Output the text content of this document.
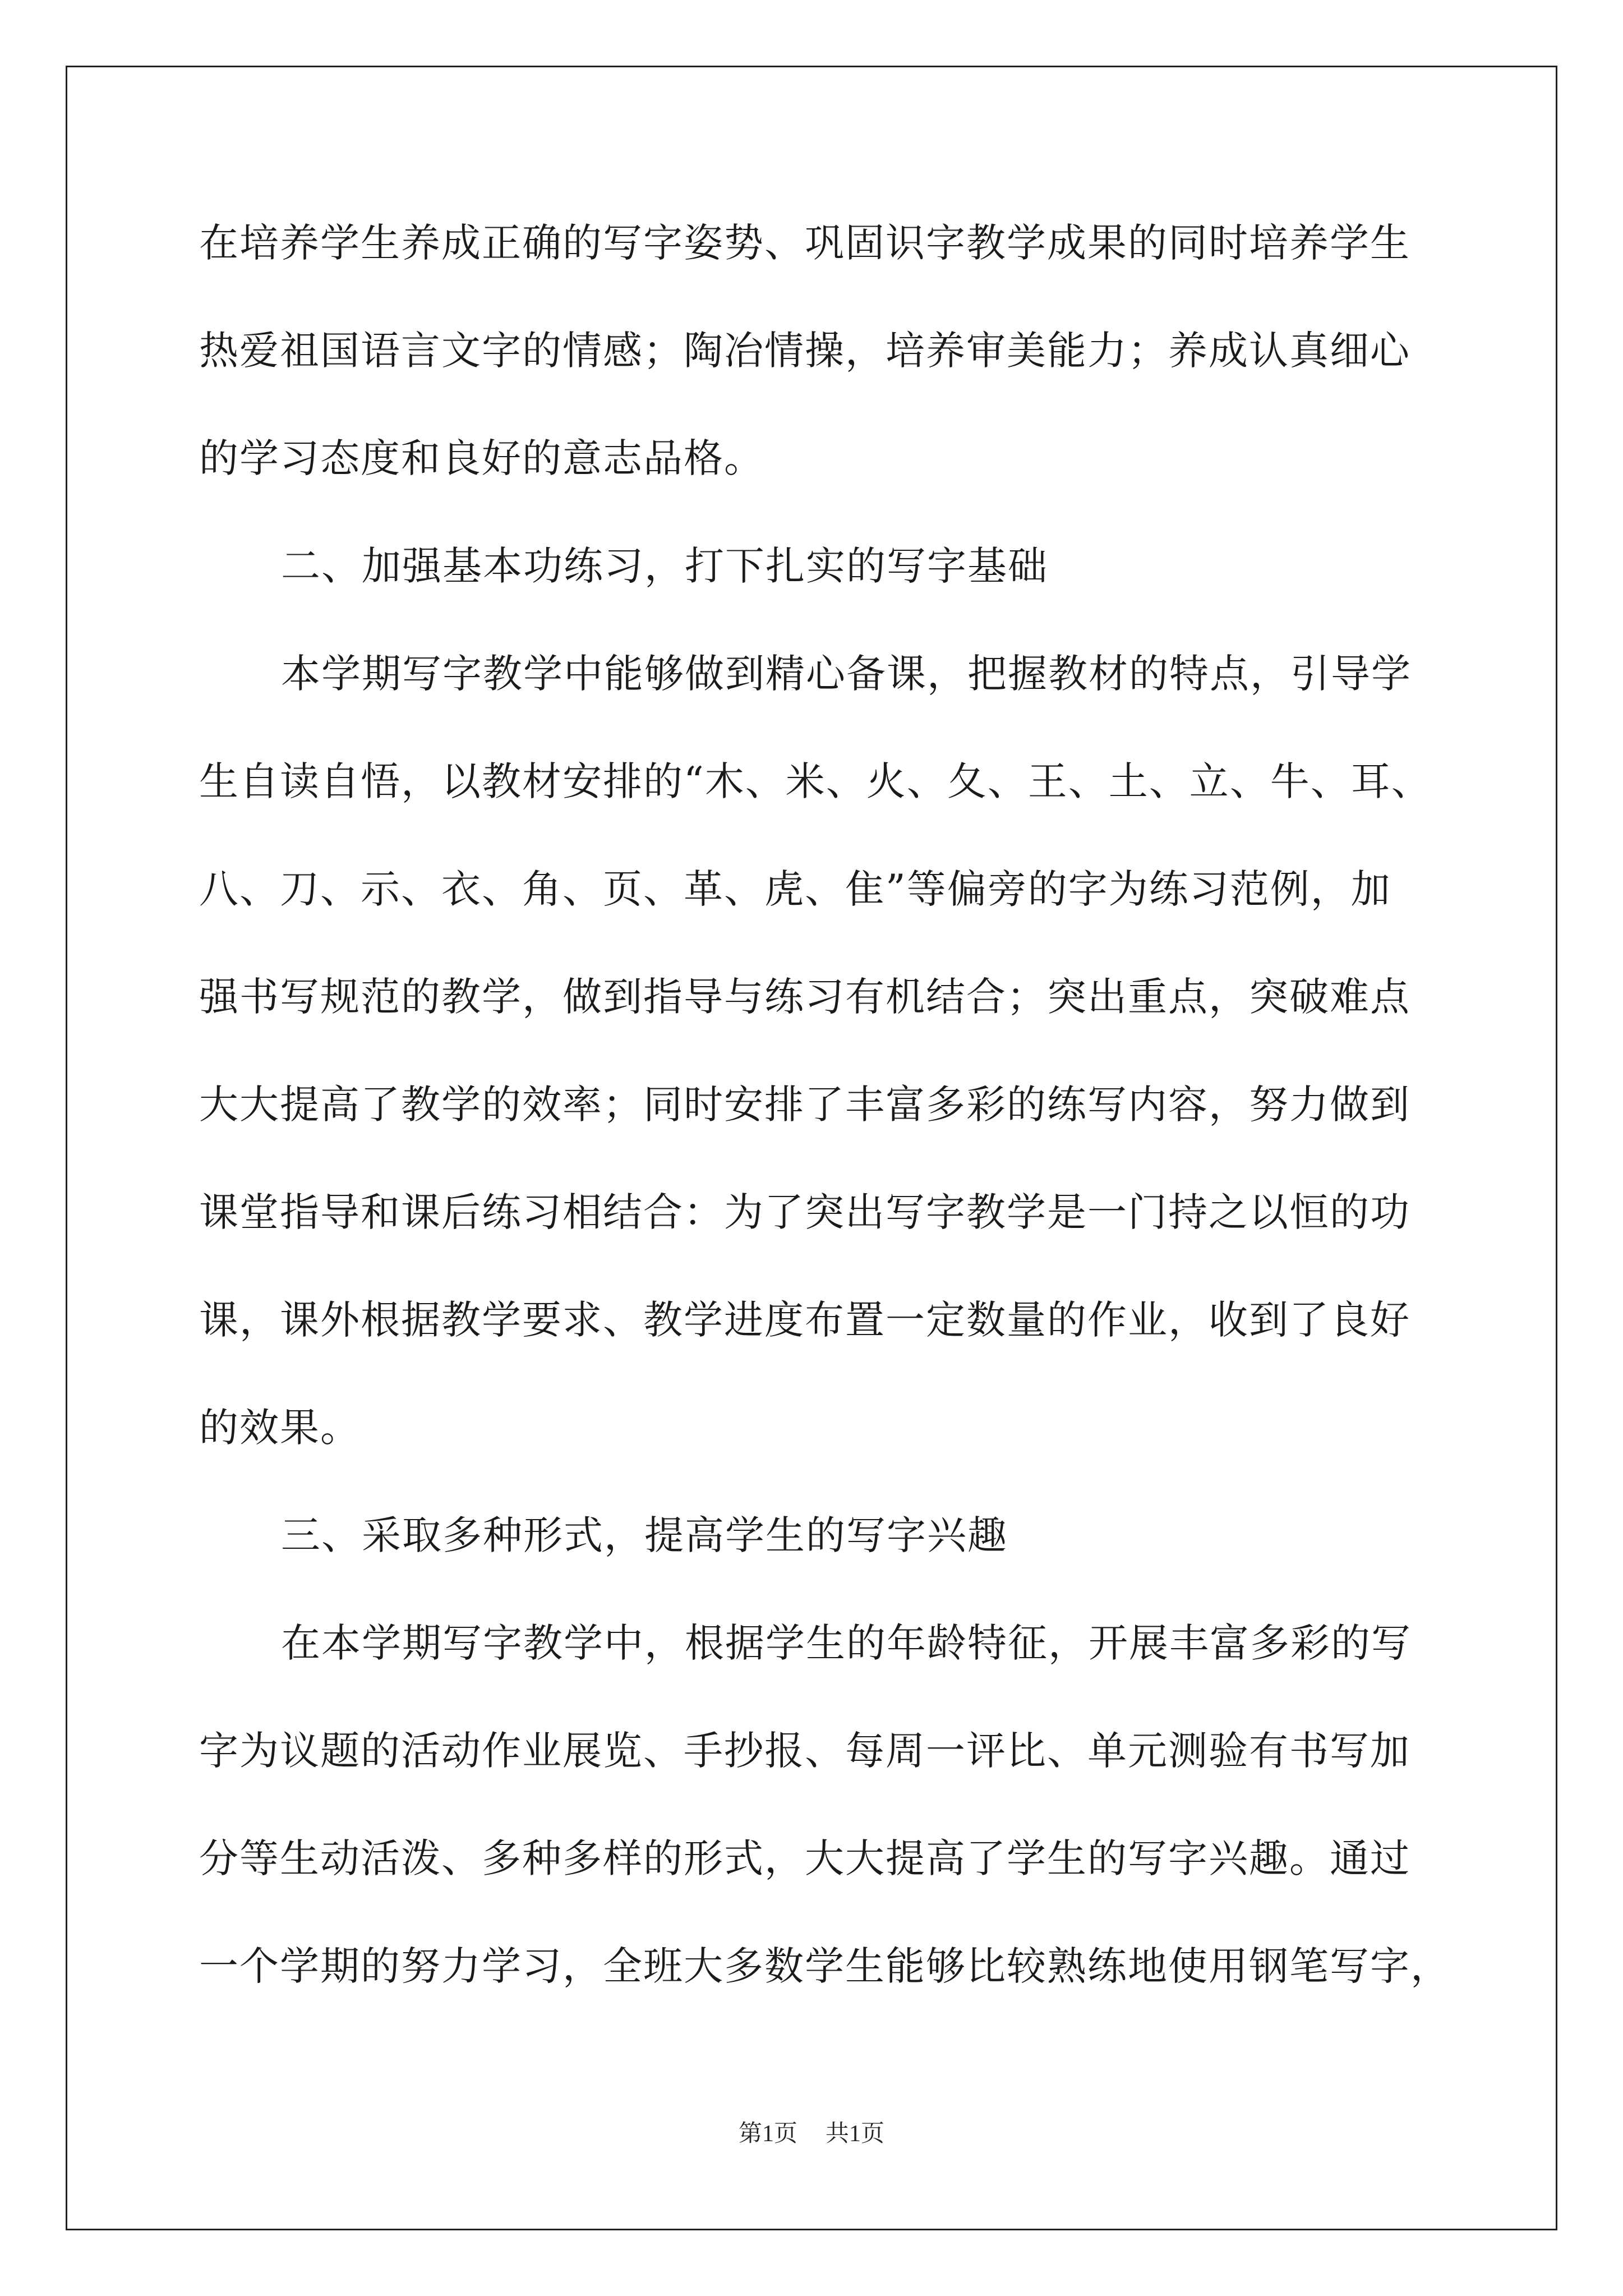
在培养学生养成正确的写字姿势、巩固识字教学成果的同时培养学生
热爱祖国语言文字的情感；陶冶情操，培养审美能力；养成认真细心
的学习态度和良好的意志品格。
二、加强基本功练习，打下扎实的写字基础
本学期写字教学中能够做到精心备课，把握教材的特点，引导学
生自读自悟，以教材安排的“木、米、火、夂、王、土、立、牛、耳、
八、刀、示、衣、角、页、革、虎、隹”等偏旁的字为练习范例，加
强书写规范的教学，做到指导与练习有机结合；突出重点，突破难点
大大提高了教学的效率；同时安排了丰富多彩的练写内容，努力做到
课堂指导和课后练习相结合：为了突出写字教学是一门持之以恒的功
课，课外根据教学要求、教学进度布置一定数量的作业，收到了良好
的效果。
三、采取多种形式，提高学生的写字兴趣
在本学期写字教学中，根据学生的年龄特征，开展丰富多彩的写
字为议题的活动作业展览、手抄报、每周一评比、单元测验有书写加
分等生动活泼、多种多样的形式，大大提高了学生的写字兴趣。通过
一个学期的努力学习，全班大多数学生能够比较熟练地使用钢笔写字，
第1页 共1页
